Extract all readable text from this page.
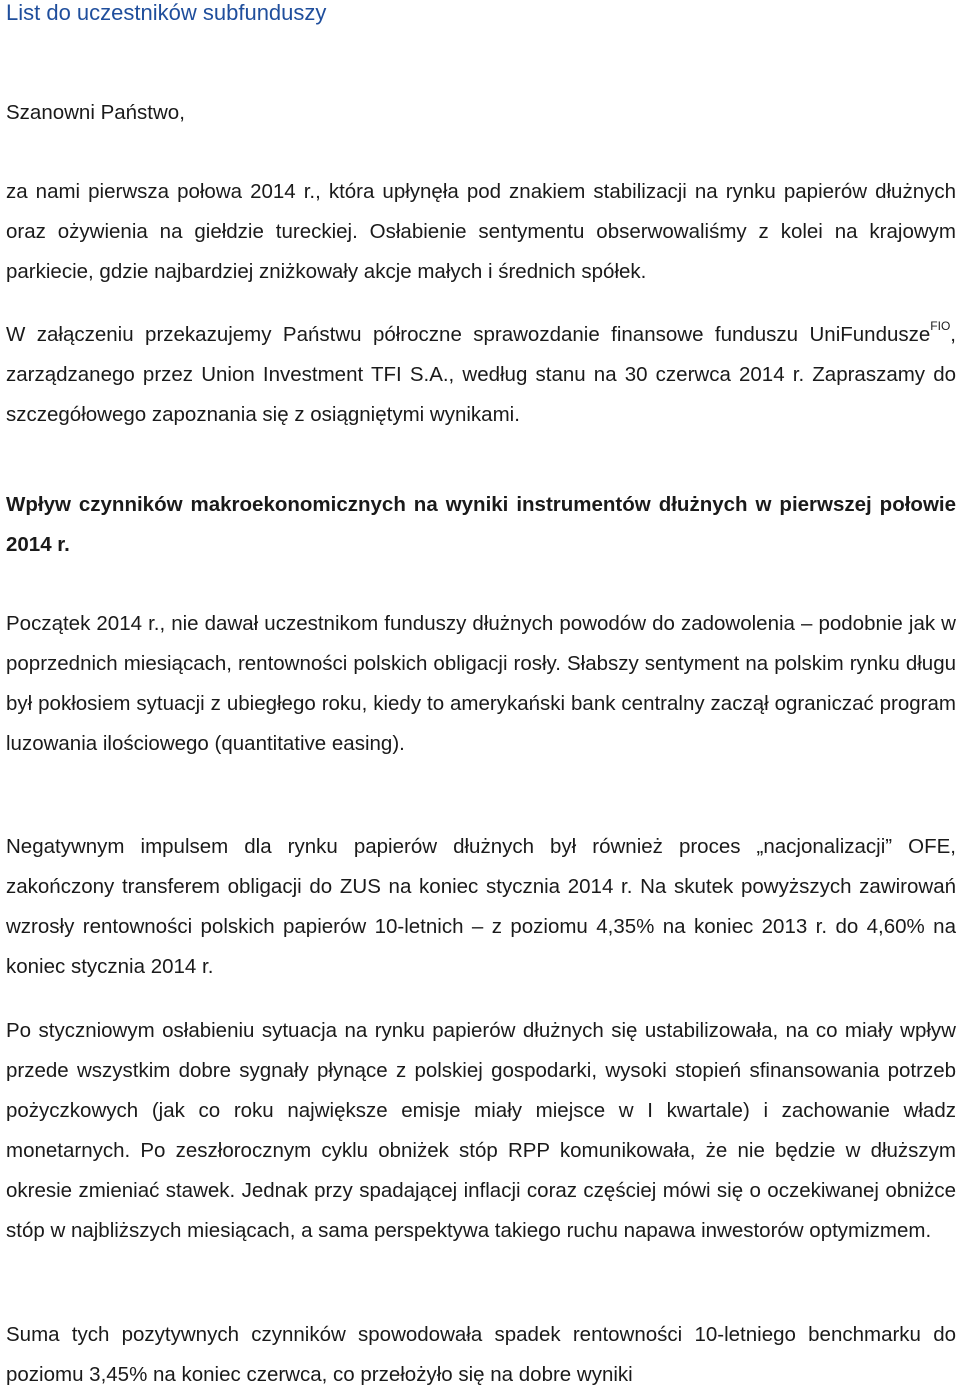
List do uczestników subfunduszy

Szanowni Państwo,

za nami pierwsza połowa 2014 r., która upłynęła pod znakiem stabilizacji na rynku papierów dłużnych oraz ożywienia na giełdzie tureckiej. Osłabienie sentymentu obserwowaliśmy z kolei na krajowym parkiecie, gdzie najbardziej zniżkowały akcje małych i średnich spółek.

W załączeniu przekazujemy Państwu półroczne sprawozdanie finansowe funduszu UniFundusze$^{FIO}$, zarządzanego przez Union Investment TFI S.A., według stanu na 30 czerwca 2014 r. Zapraszamy do szczegółowego zapoznania się z osiągniętymi wynikami.

Wpływ czynników makroekonomicznych na wyniki instrumentów dłużnych w pierwszej połowie 2014 r.

Początek 2014 r., nie dawał uczestnikom funduszy dłużnych powodów do zadowolenia – podobnie jak w poprzednich miesiącach, rentowności polskich obligacji rosły. Słabszy sentyment na polskim rynku długu był pokłosiem sytuacji z ubiegłego roku, kiedy to amerykański bank centralny zaczął ograniczać program luzowania ilościowego (quantitative easing).

Negatywnym impulsem dla rynku papierów dłużnych był również proces „nacjonalizacji” OFE, zakończony transferem obligacji do ZUS na koniec stycznia 2014 r. Na skutek powyższych zawirowań wzrosły rentowności polskich papierów 10-letnich – z poziomu 4,35% na koniec 2013 r. do 4,60% na koniec stycznia 2014 r.

Po styczniowym osłabieniu sytuacja na rynku papierów dłużnych się ustabilizowała, na co miały wpływ przede wszystkim dobre sygnały płynące z polskiej gospodarki, wysoki stopień sfinansowania potrzeb pożyczkowych (jak co roku największe emisje miały miejsce w I kwartale) i zachowanie władz monetarnych. Po zeszłorocznym cyklu obniżek stóp RPP komunikowała, że nie będzie w dłuższym okresie zmieniać stawek. Jednak przy spadającej inflacji coraz częściej mówi się o oczekiwanej obniżce stóp w najbliższych miesiącach, a sama perspektywa takiego ruchu napawa inwestorów optymizmem.

Suma tych pozytywnych czynników spowodowała spadek rentowności 10-letniego benchmarku do poziomu 3,45% na koniec czerwca, co przełożyło się na dobre wyniki
